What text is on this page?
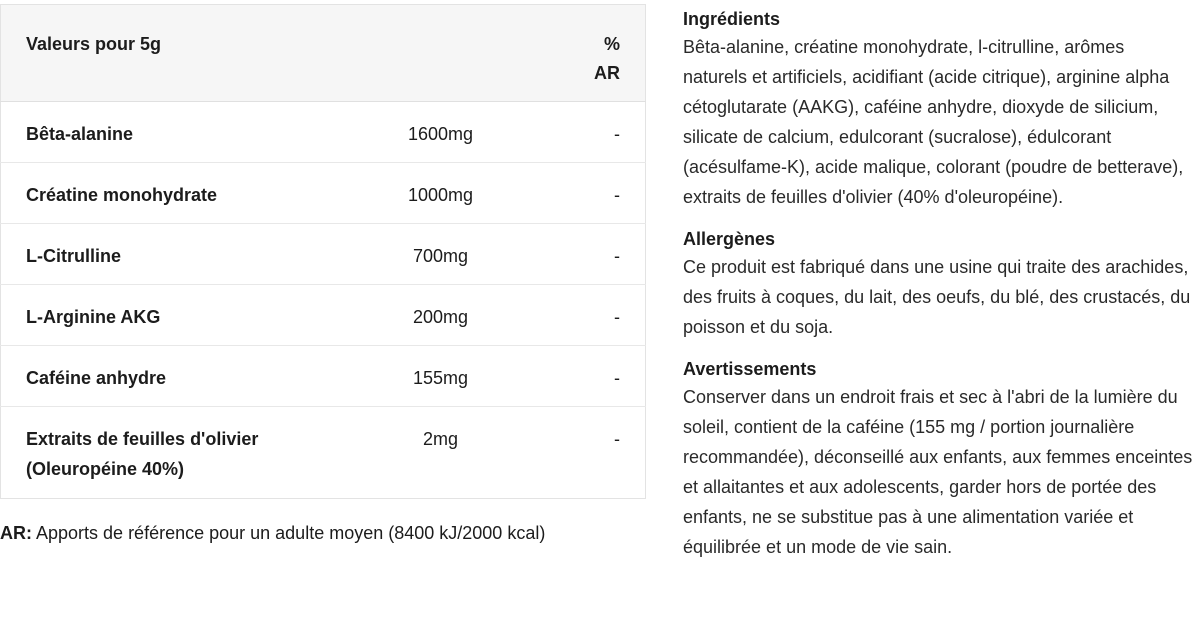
Valeurs pour 5g		%
AR
Bêta-alanine	1600mg	-
Créatine monohydrate	1000mg	-
L-Citrulline	700mg	-
L-Arginine AKG	200mg	-
Caféine anhydre	155mg	-
Extraits de feuilles d'olivier (Oleuropéine 40%)	2mg	-
AR: Apports de référence pour un adulte moyen (8400 kJ/2000 kcal)
Ingrédients

Bêta-alanine, créatine monohydrate, l-citrulline, arômes naturels et artificiels, acidifiant (acide citrique), arginine alpha cétoglutarate (AAKG), caféine anhydre, dioxyde de silicium, silicate de calcium, edulcorant (sucralose), édulcorant (acésulfame-K), acide malique, colorant (poudre de betterave), extraits de feuilles d'olivier (40% d'oleuropéine).

Allergènes

Ce produit est fabriqué dans une usine qui traite des arachides, des fruits à coques, du lait, des oeufs, du blé, des crustacés, du poisson et du soja.

Avertissements

Conserver dans un endroit frais et sec à l'abri de la lumière du soleil, contient de la caféine (155 mg / portion journalière recommandée), déconseillé aux enfants, aux femmes enceintes et allaitantes et aux adolescents, garder hors de portée des enfants, ne se substitue pas à une alimentation variée et équilibrée et un mode de vie sain.
